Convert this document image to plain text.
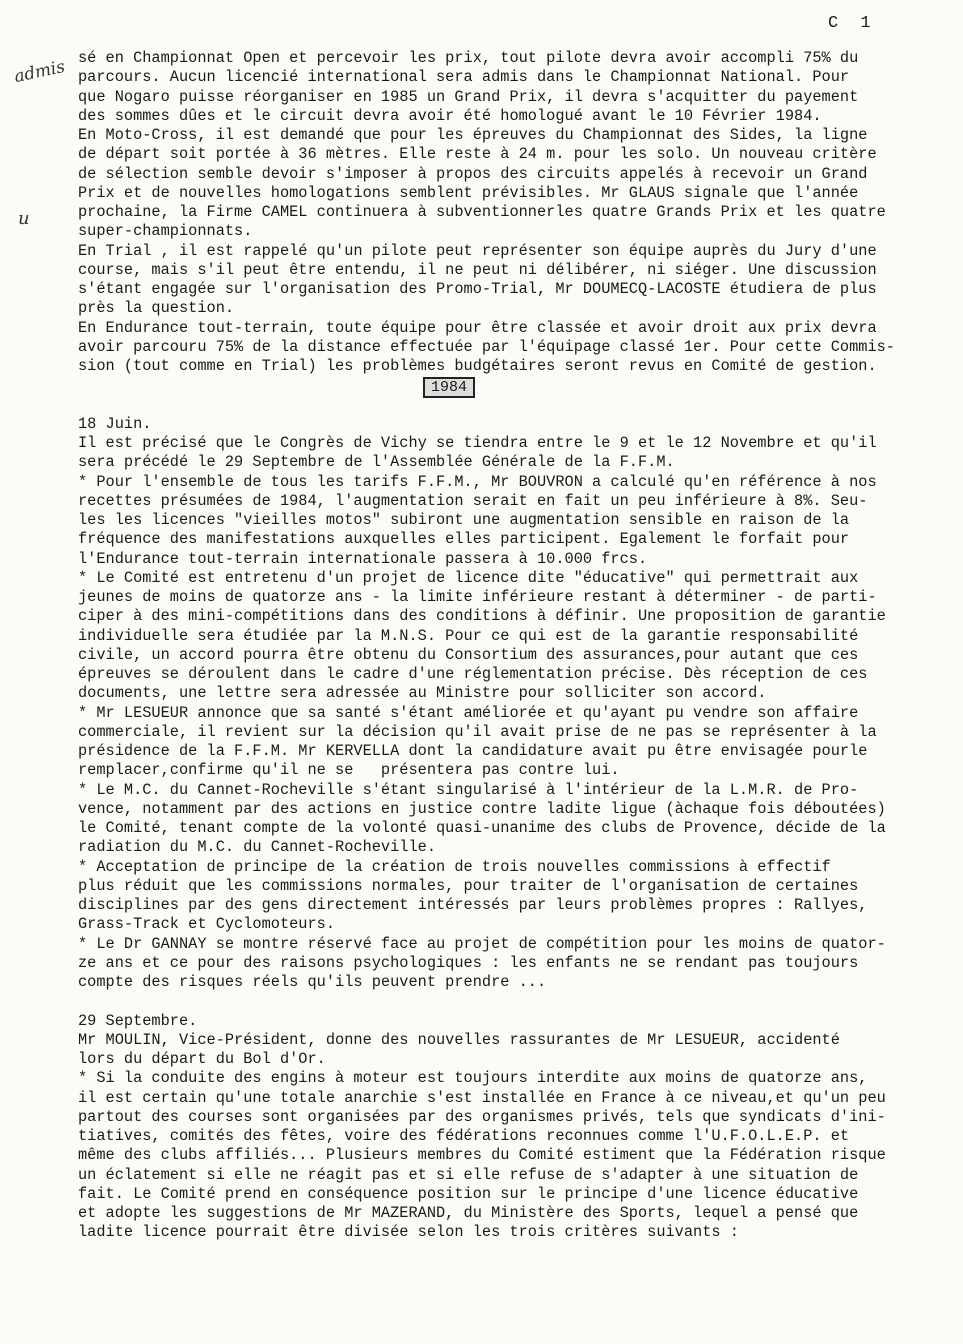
C 1
admis
u
sé en Championnat Open et percevoir les prix, tout pilote devra avoir accompli 75% du
parcours. Aucun licencié international sera admis dans le Championnat National. Pour
que Nogaro puisse réorganiser en 1985 un Grand Prix, il devra s'acquitter du payement
des sommes dûes et le circuit devra avoir été homologué avant le 10 Février 1984.
En Moto-Cross, il est demandé que pour les épreuves du Championnat des Sides, la ligne
de départ soit portée à 36 mètres. Elle reste à 24 m. pour les solo. Un nouveau critère
de sélection semble devoir s'imposer à propos des circuits appelés à recevoir un Grand
Prix et de nouvelles homologations semblent prévisibles. Mr GLAUS signale que l'année
prochaine, la Firme CAMEL continuera à subventionnerles quatre Grands Prix et les quatre
super-championnats.
En Trial , il est rappelé qu'un pilote peut représenter son équipe auprès du Jury d'une
course, mais s'il peut être entendu, il ne peut ni délibérer, ni siéger. Une discussion
s'étant engagée sur l'organisation des Promo-Trial, Mr DOUMECQ-LACOSTE étudiera de plus
près la question.
En Endurance tout-terrain, toute équipe pour être classée et avoir droit aux prix devra
avoir parcouru 75% de la distance effectuée par l'équipage classé 1er. Pour cette Commis-
sion (tout comme en Trial) les problèmes budgétaires seront revus en Comité de gestion.
1984
18 Juin.
Il est précisé que le Congrès de Vichy se tiendra entre le 9 et le 12 Novembre et qu'il
sera précédé le 29 Septembre de l'Assemblée Générale de la F.F.M.
* Pour l'ensemble de tous les tarifs F.F.M., Mr BOUVRON a calculé qu'en référence à nos
recettes présumées de 1984, l'augmentation serait en fait un peu inférieure à 8%. Seu-
les les licences "vieilles motos" subiront une augmentation sensible en raison de la
fréquence des manifestations auxquelles elles participent. Egalement le forfait pour
l'Endurance tout-terrain internationale passera à 10.000 frcs.
* Le Comité est entretenu d'un projet de licence dite "éducative" qui permettrait aux
jeunes de moins de quatorze ans - la limite inférieure restant à déterminer - de parti-
ciper à des mini-compétitions dans des conditions à définir. Une proposition de garantie
individuelle sera étudiée par la M.N.S. Pour ce qui est de la garantie responsabilité
civile, un accord pourra être obtenu du Consortium des assurances,pour autant que ces
épreuves se déroulent dans le cadre d'une réglementation précise. Dès réception de ces
documents, une lettre sera adressée au Ministre pour solliciter son accord.
* Mr LESUEUR annonce que sa santé s'étant améliorée et qu'ayant pu vendre son affaire
commerciale, il revient sur la décision qu'il avait prise de ne pas se représenter à la
présidence de la F.F.M. Mr KERVELLA dont la candidature avait pu être envisagée pourle
remplacer,confirme qu'il ne se   présentera pas contre lui.
* Le M.C. du Cannet-Rocheville s'étant singularisé à l'intérieur de la L.M.R. de Pro-
vence, notamment par des actions en justice contre ladite ligue (àchaque fois déboutées)
le Comité, tenant compte de la volonté quasi-unanime des clubs de Provence, décide de la
radiation du M.C. du Cannet-Rocheville.
* Acceptation de principe de la création de trois nouvelles commissions à effectif
plus réduit que les commissions normales, pour traiter de l'organisation de certaines
disciplines par des gens directement intéressés par leurs problèmes propres : Rallyes,
Grass-Track et Cyclomoteurs.
* Le Dr GANNAY se montre réservé face au projet de compétition pour les moins de quator-
ze ans et ce pour des raisons psychologiques : les enfants ne se rendant pas toujours
compte des risques réels qu'ils peuvent prendre ...
29 Septembre.
Mr MOULIN, Vice-Président, donne des nouvelles rassurantes de Mr LESUEUR, accidenté
lors du départ du Bol d'Or.
* Si la conduite des engins à moteur est toujours interdite aux moins de quatorze ans,
il est certain qu'une totale anarchie s'est installée en France à ce niveau,et qu'un peu
partout des courses sont organisées par des organismes privés, tels que syndicats d'ini-
tiatives, comités des fêtes, voire des fédérations reconnues comme l'U.F.O.L.E.P. et
même des clubs affiliés... Plusieurs membres du Comité estiment que la Fédération risque
un éclatement si elle ne réagit pas et si elle refuse de s'adapter à une situation de
fait. Le Comité prend en conséquence position sur le principe d'une licence éducative
et adopte les suggestions de Mr MAZERAND, du Ministère des Sports, lequel a pensé que
ladite licence pourrait être divisée selon les trois critères suivants :
